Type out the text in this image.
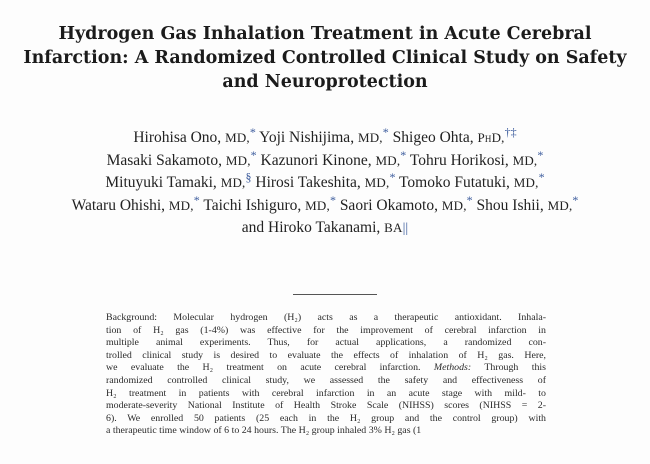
Hydrogen Gas Inhalation Treatment in Acute Cerebral
Infarction: A Randomized Controlled Clinical Study on Safety
and Neuroprotection
Hirohisa Ono, MD,* Yoji Nishijima, MD,* Shigeo Ohta, PhD,†‡
Masaki Sakamoto, MD,* Kazunori Kinone, MD,* Tohru Horikosi, MD,*
Mituyuki Tamaki, MD,§ Hirosi Takeshita, MD,* Tomoko Futatuki, MD,*
Wataru Ohishi, MD,* Taichi Ishiguro, MD,* Saori Okamoto, MD,* Shou Ishii, MD,*
and Hiroko Takanami, BA||
Background: Molecular hydrogen (H₂) acts as a therapeutic antioxidant. Inhala-
tion of H₂ gas (1-4%) was effective for the improvement of cerebral infarction in
multiple animal experiments. Thus, for actual applications, a randomized con-
trolled clinical study is desired to evaluate the effects of inhalation of H₂ gas. Here,
we evaluate the H₂ treatment on acute cerebral infarction. Methods: Through this
randomized controlled clinical study, we assessed the safety and effectiveness of
H₂ treatment in patients with cerebral infarction in an acute stage with mild- to
moderate-severity National Institute of Health Stroke Scale (NIHSS) scores (NIHSS = 2-
6). We enrolled 50 patients (25 each in the H₂ group and the control group) with
a therapeutic time window of 6 to 24 hours. The H₂ group inhaled 3% H₂ gas (1
